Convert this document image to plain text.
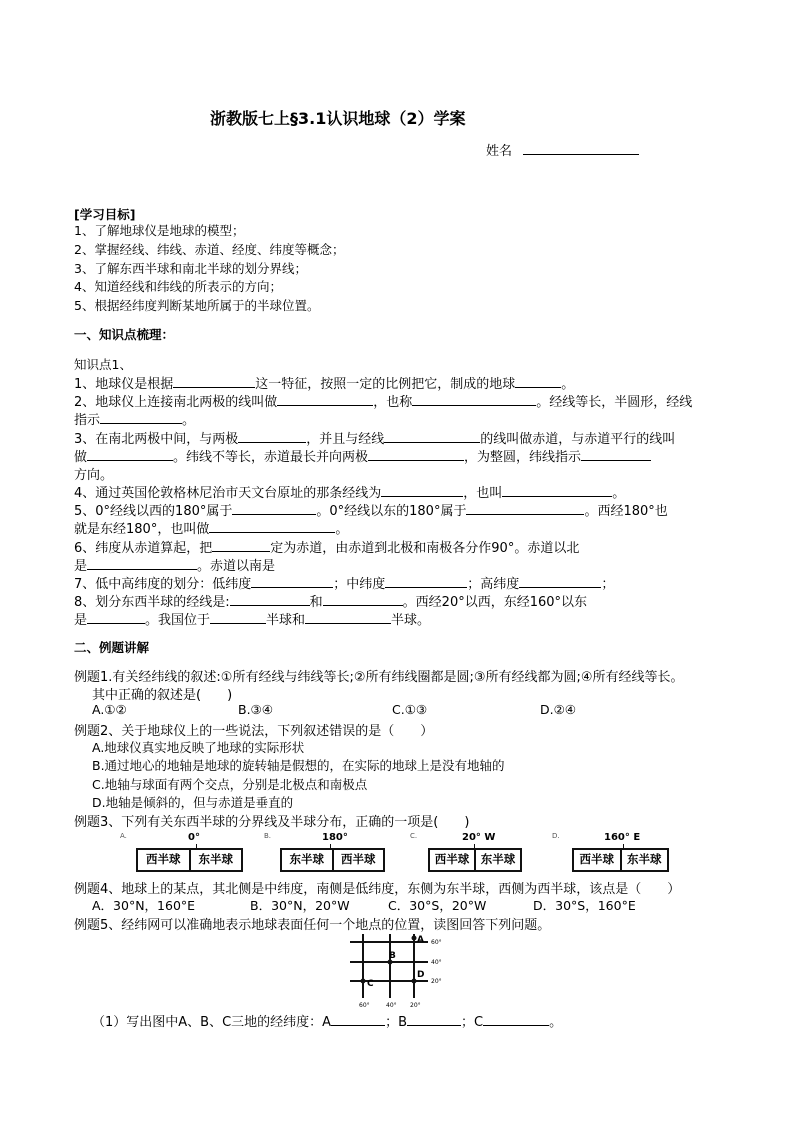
浙教版七上§3.1认识地球（2）学案
姓名
[学习目标]
1、了解地球仪是地球的模型；
2、掌握经线、纬线、赤道、经度、纬度等概念；
3、了解东西半球和南北半球的划分界线；
4、知道经线和纬线的所表示的方向；
5、根据经纬度判断某地所属于的半球位置。
一、知识点梳理：
知识点1、
1、地球仪是根据	这一特征，按照一定的比例把它，制成的地球	。
2、地球仪上连接南北两极的线叫做	，也称	。经线等长，半圆形，经线
指示	。
3、在南北两极中间，与两极	，并且与经线	的线叫做赤道，与赤道平行的线叫
做	。纬线不等长，赤道最长并向两极	，为整圆，纬线指示
方向。
4、通过英国伦敦格林尼治市天文台原址的那条经线为	，也叫	。
5、0°经线以西的180°属于	。0°经线以东的180°属于	。西经180°也
就是东经180°，也叫做	。
6、纬度从赤道算起，把	定为赤道，由赤道到北极和南极各分作90°。赤道以北
是	。赤道以南是
7、低中高纬度的划分：低纬度	；中纬度	；高纬度	；
8、划分东西半球的经线是:	和	。西经20°以西，东经160°以东
是	。我国位于	半球和	半球。
二、例题讲解
例题1.有关经纬线的叙述:①所有经线与纬线等长;②所有纬线圈都是圆;③所有经线都为圆;④所有经线等长。
其中正确的叙述是(　　)
A.①②	B.③④	C.①③	D.②④
例题2、关于地球仪上的一些说法，下列叙述错误的是（　　）
A.地球仪真实地反映了地球的实际形状
B.通过地心的地轴是地球的旋转轴是假想的，在实际的地球上是没有地轴的
C.地轴与球面有两个交点，分别是北极点和南极点
D.地轴是倾斜的，但与赤道是垂直的
例题3、下列有关东西半球的分界线及半球分布，正确的一项是(　　)
A.	0°
西半球	东半球
B.	180°
东半球	西半球
C.	20° W
西半球	东半球
D.	160° E
西半球	东半球
例题4、地球上的某点，其北侧是中纬度，南侧是低纬度，东侧为东半球，西侧为西半球，该点是（　　）
A．30°N，160°E	B．30°N，20°W	C．30°S，20°W	D．30°S，160°E
例题5、经纬网可以准确地表示地球表面任何一个地点的位置，读图回答下列问题。
A
B
C
D
60°
40°
20°
60°	40° 20°
（1）写出图中A、B、C三地的经纬度：A	；B	；C	。
